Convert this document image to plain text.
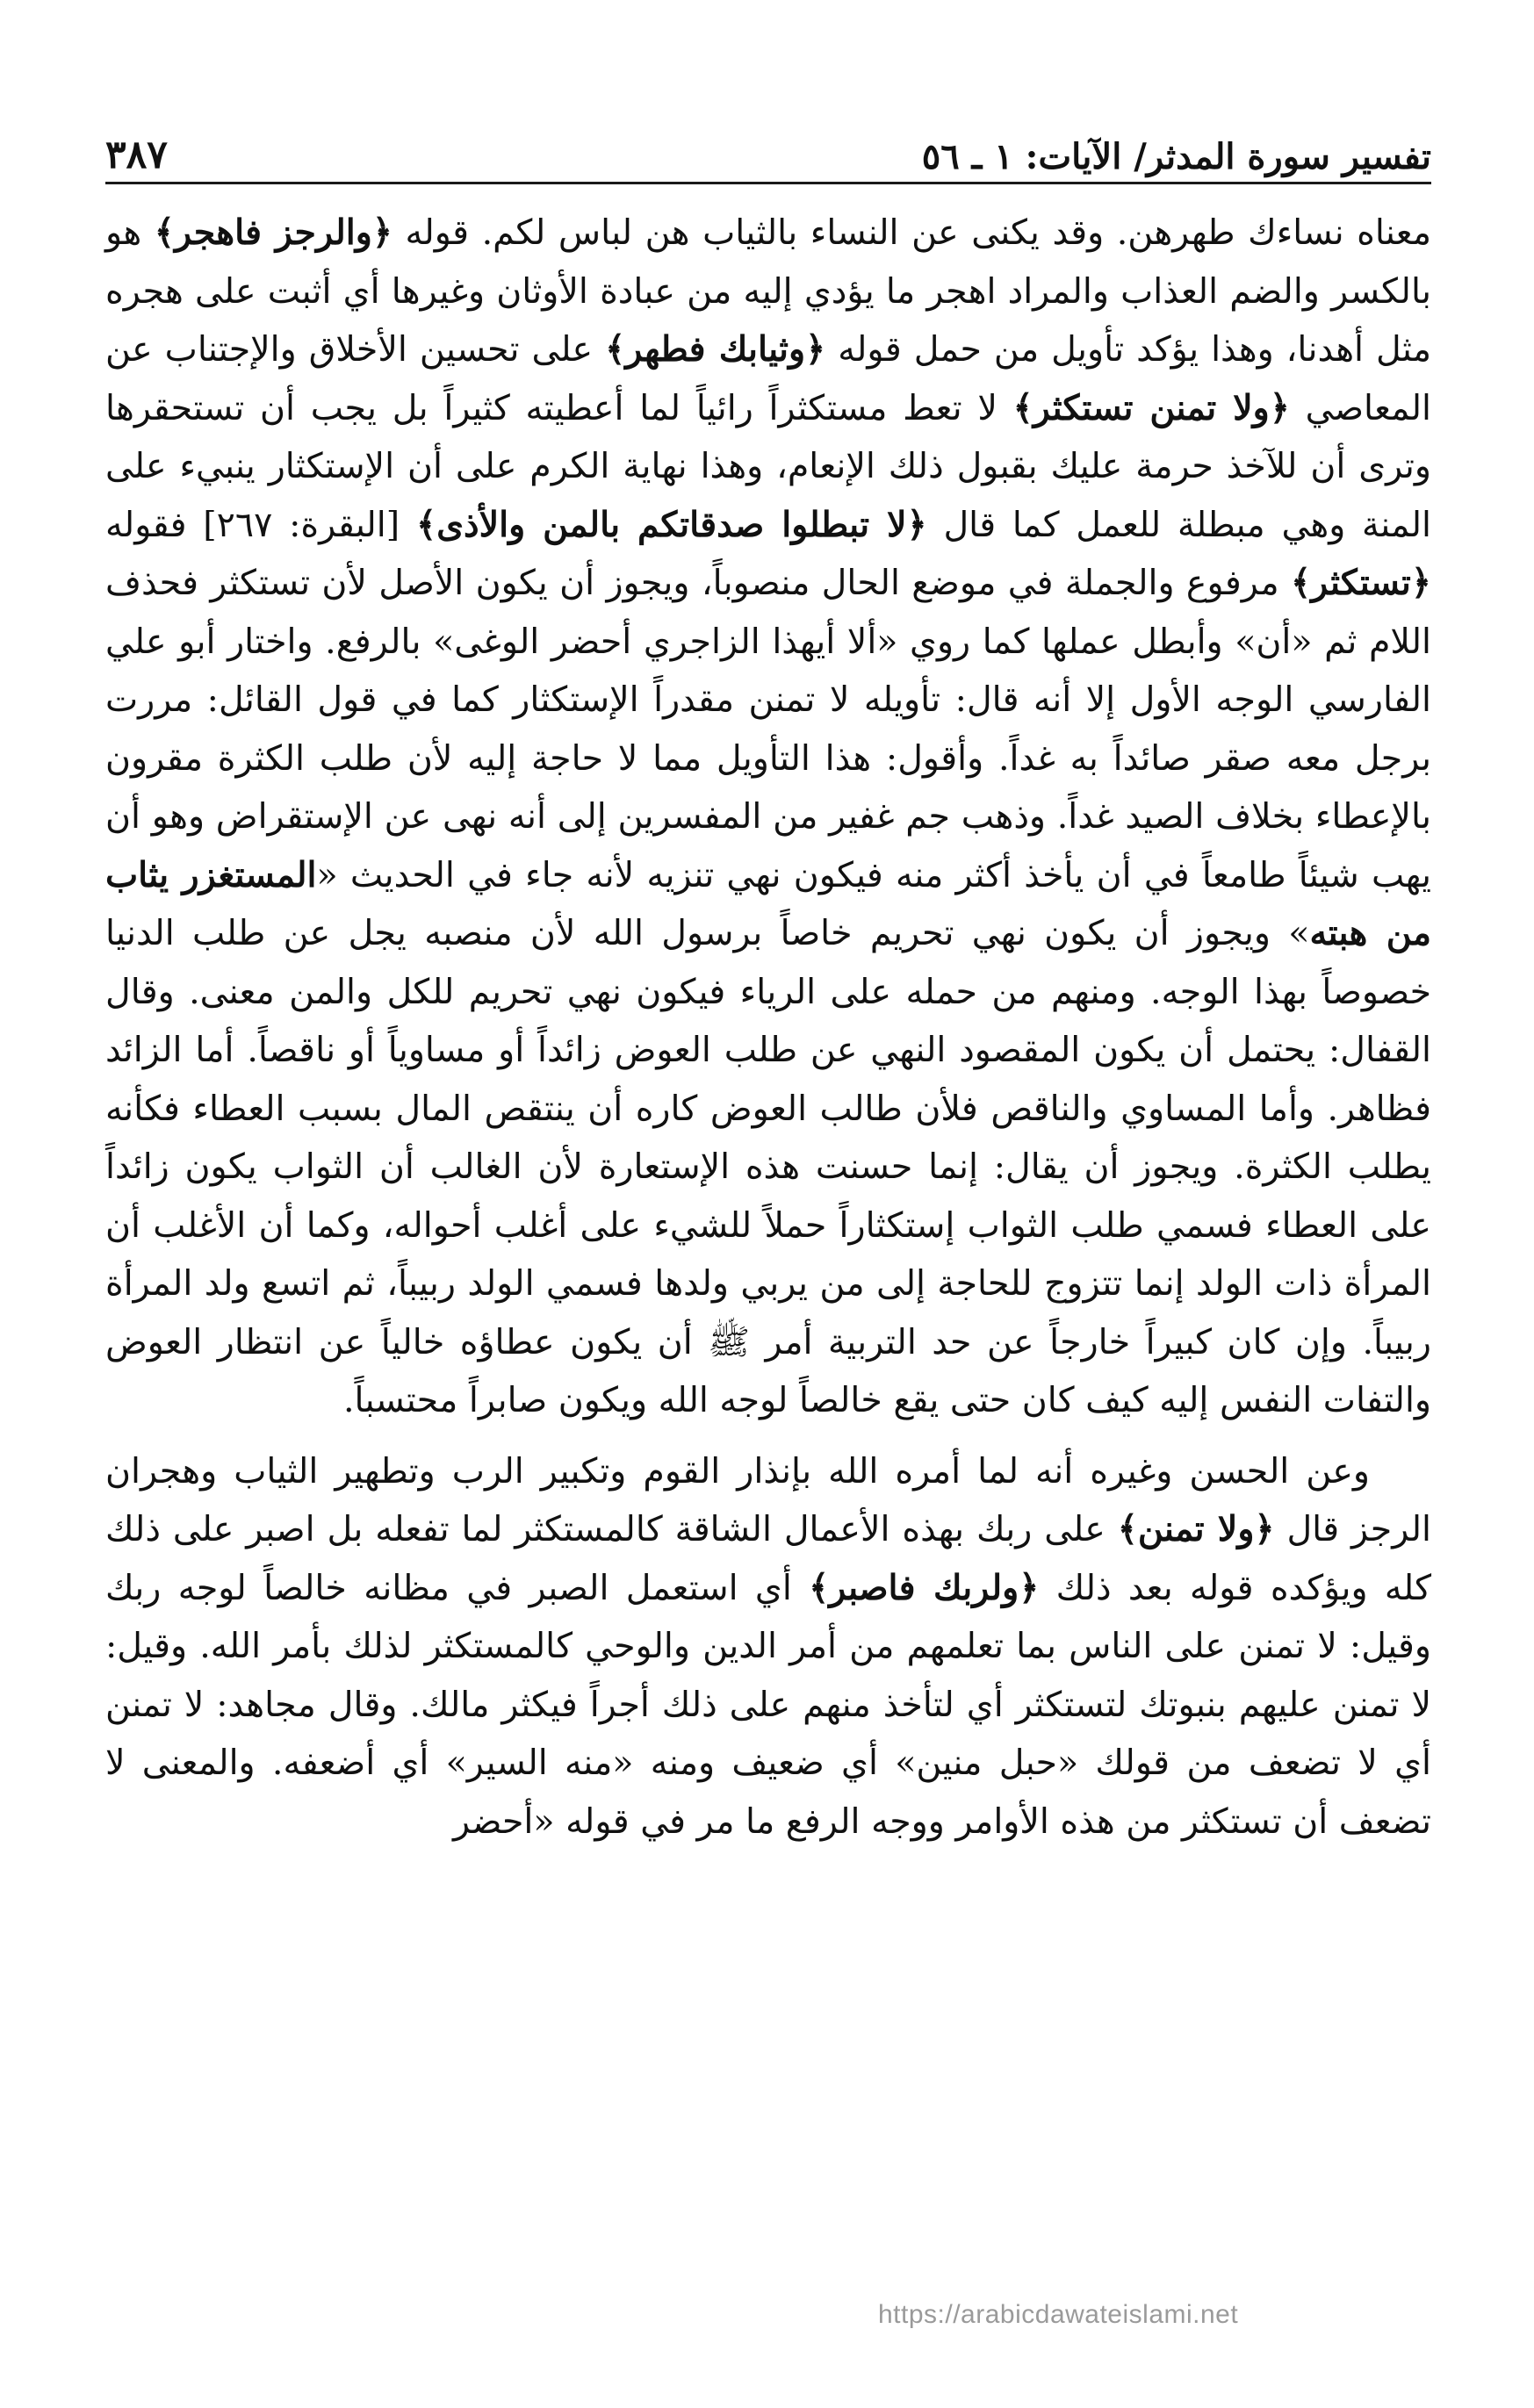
تفسير سورة المدثر/ الآيات: ١ ـ ٥٦
٣٨٧

معناه نساءك طهرهن. وقد يكنى عن النساء بالثياب هن لباس لكم. قوله ﴿والرجز فاهجر﴾ هو بالكسر والضم العذاب والمراد اهجر ما يؤدي إليه من عبادة الأوثان وغيرها أي أثبت على هجره مثل أهدنا، وهذا يؤكد تأويل من حمل قوله ﴿وثيابك فطهر﴾ على تحسين الأخلاق والإجتناب عن المعاصي ﴿ولا تمنن تستكثر﴾ لا تعط مستكثراً رائياً لما أعطيته كثيراً بل يجب أن تستحقرها وترى أن للآخذ حرمة عليك بقبول ذلك الإنعام، وهذا نهاية الكرم على أن الإستكثار ينبيء على المنة وهي مبطلة للعمل كما قال ﴿لا تبطلوا صدقاتكم بالمن والأذى﴾ [البقرة: ٢٦٧] فقوله ﴿تستكثر﴾ مرفوع والجملة في موضع الحال منصوباً، ويجوز أن يكون الأصل لأن تستكثر فحذف اللام ثم «أن» وأبطل عملها كما روي «ألا أيهذا الزاجري أحضر الوغى» بالرفع. واختار أبو علي الفارسي الوجه الأول إلا أنه قال: تأويله لا تمنن مقدراً الإستكثار كما في قول القائل: مررت برجل معه صقر صائداً به غداً. وأقول: هذا التأويل مما لا حاجة إليه لأن طلب الكثرة مقرون بالإعطاء بخلاف الصيد غداً. وذهب جم غفير من المفسرين إلى أنه نهى عن الإستقراض وهو أن يهب شيئاً طامعاً في أن يأخذ أكثر منه فيكون نهي تنزيه لأنه جاء في الحديث «المستغزر يثاب من هبته» ويجوز أن يكون نهي تحريم خاصاً برسول الله لأن منصبه يجل عن طلب الدنيا خصوصاً بهذا الوجه. ومنهم من حمله على الرياء فيكون نهي تحريم للكل والمن معنى. وقال القفال: يحتمل أن يكون المقصود النهي عن طلب العوض زائداً أو مساوياً أو ناقصاً. أما الزائد فظاهر. وأما المساوي والناقص فلأن طالب العوض كاره أن ينتقص المال بسبب العطاء فكأنه يطلب الكثرة. ويجوز أن يقال: إنما حسنت هذه الإستعارة لأن الغالب أن الثواب يكون زائداً على العطاء فسمي طلب الثواب إستكثاراً حملاً للشيء على أغلب أحواله، وكما أن الأغلب أن المرأة ذات الولد إنما تتزوج للحاجة إلى من يربي ولدها فسمي الولد ربيباً، ثم اتسع ولد المرأة ربيباً. وإن كان كبيراً خارجاً عن حد التربية أمر ﷺ أن يكون عطاؤه خالياً عن انتظار العوض والتفات النفس إليه كيف كان حتى يقع خالصاً لوجه الله ويكون صابراً محتسباً.

وعن الحسن وغيره أنه لما أمره الله بإنذار القوم وتكبير الرب وتطهير الثياب وهجران الرجز قال ﴿ولا تمنن﴾ على ربك بهذه الأعمال الشاقة كالمستكثر لما تفعله بل اصبر على ذلك كله ويؤكده قوله بعد ذلك ﴿ولربك فاصبر﴾ أي استعمل الصبر في مظانه خالصاً لوجه ربك وقيل: لا تمنن على الناس بما تعلمهم من أمر الدين والوحي كالمستكثر لذلك بأمر الله. وقيل: لا تمنن عليهم بنبوتك لتستكثر أي لتأخذ منهم على ذلك أجراً فيكثر مالك. وقال مجاهد: لا تمنن أي لا تضعف من قولك «حبل منين» أي ضعيف ومنه «منه السير» أي أضعفه. والمعنى لا تضعف أن تستكثر من هذه الأوامر ووجه الرفع ما مر في قوله «أحضر

https://arabicdawateislami.net
